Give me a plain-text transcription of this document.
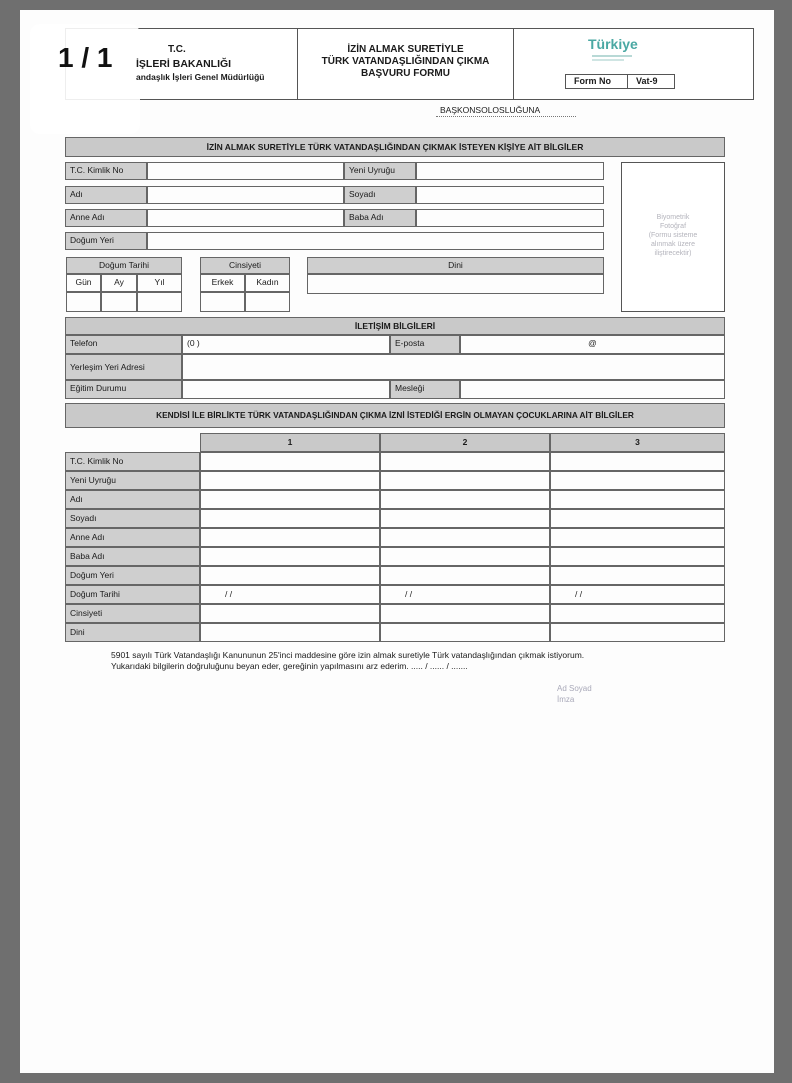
1 / 1	T.C.
İŞLERİ BAKANLIĞI
andaşlık İşleri Genel Müdürlüğü
İZİN ALMAK SURETİYLE
TÜRK VATANDAŞLIĞINDAN ÇIKMA
BAŞVURU FORMU
Türkiye
Form No	Vat-9
BAŞKONSOLOSLUĞUNA
İZİN ALMAK SURETİYLE TÜRK VATANDAŞLIĞINDAN ÇIKMAK İSTEYEN KİŞİYE AİT BİLGİLER
T.C. Kimlik No	Yeni Uyruğu
Adı	Soyadı
Anne Adı	Baba Adı
Doğum Yeri
Doğum Tarihi
Gün	Ay	Yıl
Cinsiyeti
Erkek	Kadın
Dini
Biyometrik
Fotoğraf
(Formu sisteme
alınmak üzere
iliştirecektir)
İLETİŞİM BİLGİLERİ
Telefon	(0 )	E-posta	@
Yerleşim Yeri Adresi
Eğitim Durumu	Mesleği
KENDİSİ İLE BİRLİKTE TÜRK VATANDAŞLIĞINDAN ÇIKMA İZNİ İSTEDİĞİ ERGİN OLMAYAN ÇOCUKLARINA AİT BİLGİLER
1	2	3
T.C. Kimlik No
Yeni Uyruğu
Adı
Soyadı
Anne Adı
Baba Adı
Doğum Yeri
Doğum Tarihi	/ /	/ /	/ /
Cinsiyeti
Dini
5901 sayılı Türk Vatandaşlığı Kanununun 25'inci maddesine göre izin almak suretiyle Türk vatandaşlığından çıkmak istiyorum.
Yukarıdaki bilgilerin doğruluğunu beyan eder, gereğinin yapılmasını arz ederim. ..... / ...... / .......
Ad Soyad
İmza
